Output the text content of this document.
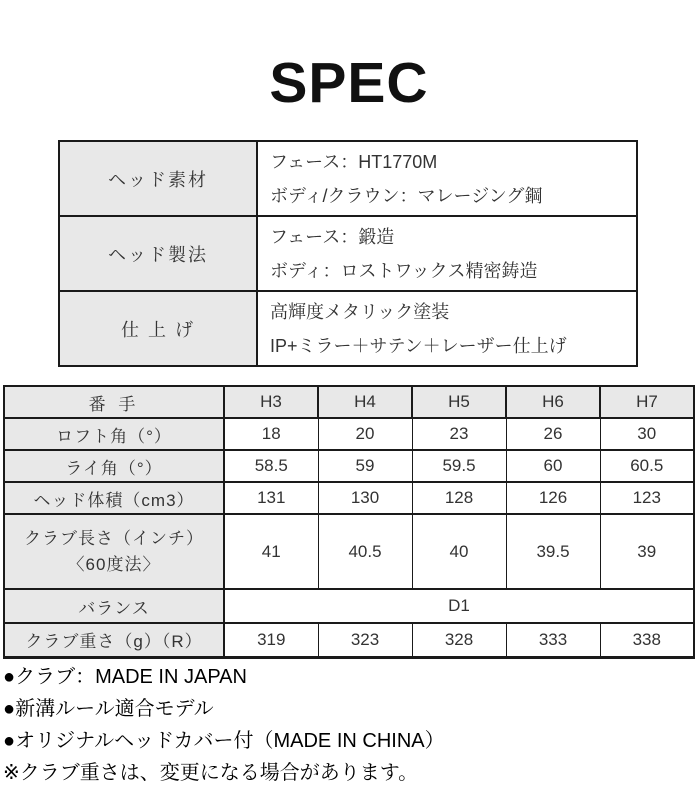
SPEC
ヘッド素材	フェース：HT1770M
ボディ/クラウン：マレージング鋼

ヘッド製法	フェース：鍛造
ボディ：ロストワックス精密鋳造

仕 上 げ	高輝度メタリック塗装
IP+ミラー＋サテン＋レーザー仕上げ
番 手	H3	H4	H5	H6	H7
ロフト角（°）	18	20	23	26	30
ライ角（°）	58.5	59	59.5	60	60.5
ヘッド体積（cm3）	131	130	128	126	123

クラブ長さ（インチ）
〈60度法〉	41	40.5	40	39.5	39
バランス	D1				
クラブ重さ（g）（R）	319	323	328	333	338
●クラブ：MADE IN JAPAN
●新溝ルール適合モデル
●オリジナルヘッドカバー付（MADE IN CHINA）
※クラブ重さは、変更になる場合があります。
